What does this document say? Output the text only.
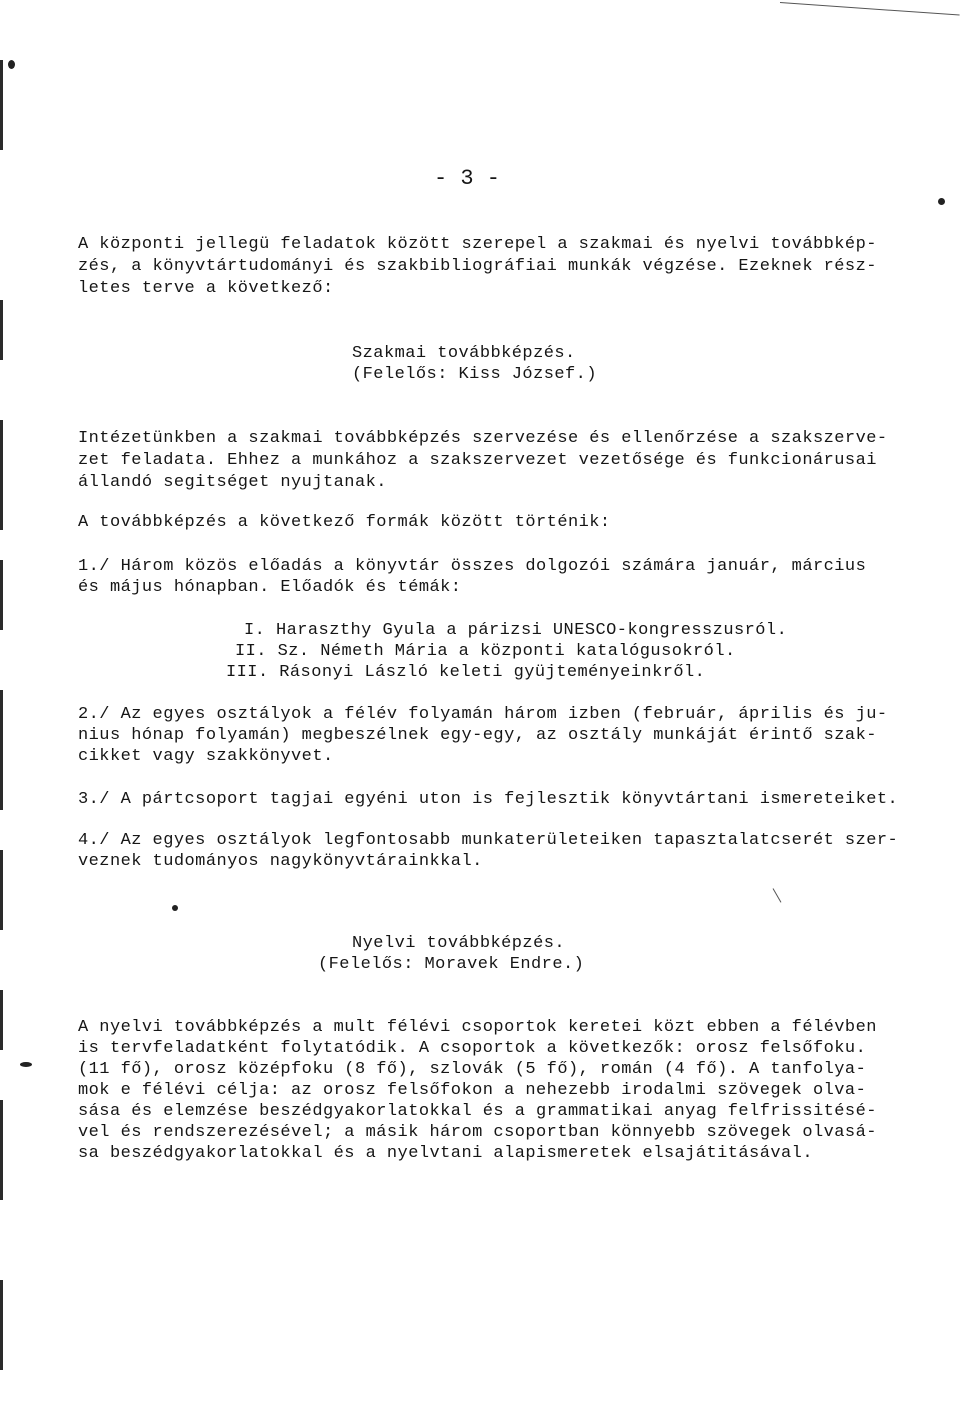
- 3 -
A központi jellegü feladatok között szerepel a szakmai és nyelvi továbbkép-
zés, a könyvtártudományi és szakbibliográfiai munkák végzése. Ezeknek rész-
letes terve a következő:
Szakmai továbbképzés.
(Felelős: Kiss József.)
Intézetünkben a szakmai továbbképzés szervezése és ellenőrzése a szakszerve-
zet feladata. Ehhez a munkához a szakszervezet vezetősége és funkcionárusai
állandó segitséget nyujtanak.
A továbbképzés a következő formák között történik:
1./ Három közös előadás a könyvtár összes dolgozói számára január, március
és május hónapban. Előadók és témák:
I. Haraszthy Gyula a párizsi UNESCO-kongresszusról.
II. Sz. Németh Mária a központi katalógusokról.
III. Rásonyi László keleti gyüjteményeinkről.
2./ Az egyes osztályok a félév folyamán három izben (február, április és ju-
nius hónap folyamán) megbeszélnek egy-egy, az osztály munkáját érintő szak-
cikket vagy szakkönyvet.
3./ A pártcsoport tagjai egyéni uton is fejlesztik könyvtártani ismereteiket.
4./ Az egyes osztályok legfontosabb munkaterületeiken tapasztalatcserét szer-
veznek tudományos nagykönyvtárainkkal.
Nyelvi továbbképzés.
(Felelős: Moravek Endre.)
A nyelvi továbbképzés a mult félévi csoportok keretei közt ebben a félévben
is tervfeladatként folytatódik. A csoportok a következők: orosz felsőfoku.
(11 fő), orosz középfoku (8 fő), szlovák (5 fő), román (4 fő). A tanfolya-
mok e félévi célja: az orosz felsőfokon a nehezebb irodalmi szövegek olva-
sása és elemzése beszédgyakorlatokkal és a grammatikai anyag felfrissitésé-
vel és rendszerezésével; a másik három csoportban könnyebb szövegek olvasá-
sa beszédgyakorlatokkal és a nyelvtani alapismeretek elsajátitásával.
